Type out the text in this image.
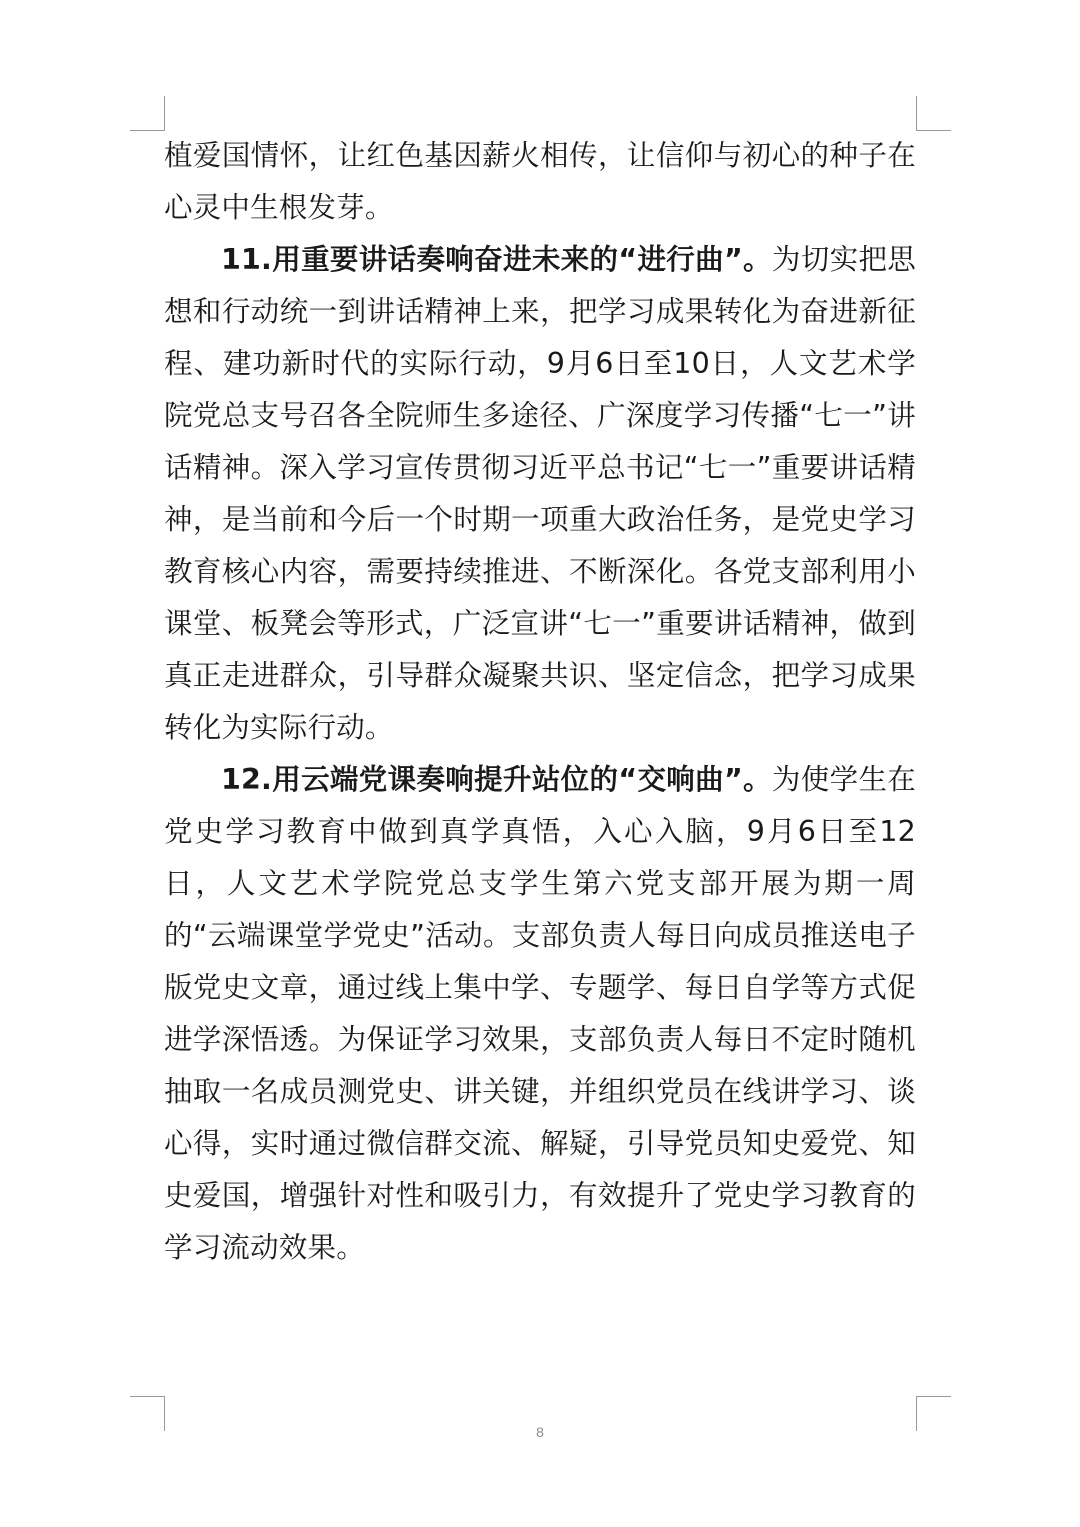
植爱国情怀，让红色基因薪火相传，让信仰与初心的种子在心灵中生根发芽。

11.用重要讲话奏响奋进未来的“进行曲”。为切实把思想和行动统一到讲话精神上来，把学习成果转化为奋进新征程、建功新时代的实际行动，9月6日至10日，人文艺术学院党总支号召各全院师生多途径、广深度学习传播“七一”讲话精神。深入学习宣传贯彻习近平总书记“七一”重要讲话精神，是当前和今后一个时期一项重大政治任务，是党史学习教育核心内容，需要持续推进、不断深化。各党支部利用小课堂、板凳会等形式，广泛宣讲“七一”重要讲话精神，做到真正走进群众，引导群众凝聚共识、坚定信念，把学习成果转化为实际行动。

12.用云端党课奏响提升站位的“交响曲”。为使学生在党史学习教育中做到真学真悟，入心入脑，9月6日至12日，人文艺术学院党总支学生第六党支部开展为期一周的“云端课堂学党史”活动。支部负责人每日向成员推送电子版党史文章，通过线上集中学、专题学、每日自学等方式促进学深悟透。为保证学习效果，支部负责人每日不定时随机抽取一名成员测党史、讲关键，并组织党员在线讲学习、谈心得，实时通过微信群交流、解疑，引导党员知史爱党、知史爱国，增强针对性和吸引力，有效提升了党史学习教育的学习流动效果。

8
